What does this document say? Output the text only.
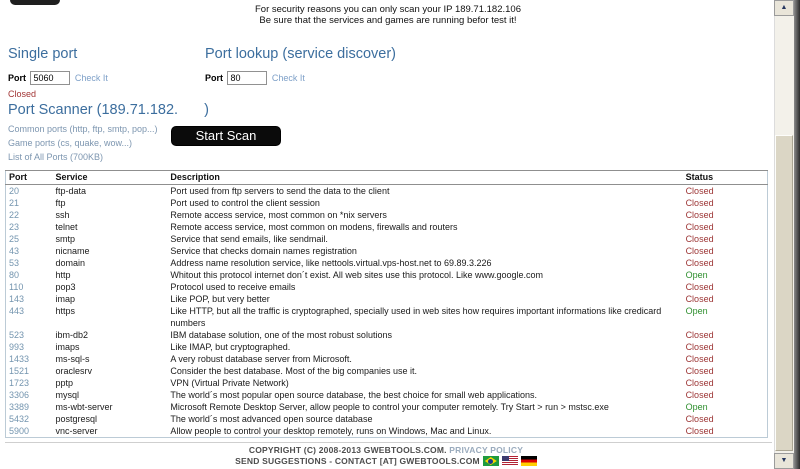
For security reasons you can only scan your IP 189.71.182.106
Be sure that the services and games are running befor test it!
Single port	Port lookup (service discover)
Port 5060	Check It	Port 80	Check It
Closed
Port Scanner (189.71.182. )
Common ports (http, ftp, smtp, pop...)
Game ports (cs, quake, wow...)
List of All Ports (700KB)
Start Scan
Port	Service	Description	Status
20	ftp-data	Port used from ftp servers to send the data to the client	Closed
21	ftp	Port used to control the client session	Closed
22	ssh	Remote access service, most common on *nix servers	Closed
23	telnet	Remote access service, most common on modens, firewalls and routers	Closed
25	smtp	Service that send emails, like sendmail.	Closed
43	nicname	Service that checks domain names registration	Closed
53	domain	Address name resolution service, like nettools.virtual.vps-host.net to 69.89.3.226	Closed
80	http	Whitout this protocol internet don´t exist. All web sites use this protocol. Like www.google.com	Open
110	pop3	Protocol used to receive emails	Closed
143	imap	Like POP, but very better	Closed
443	https	Like HTTP, but all the traffic is cryptographed, specially used in web sites how requires important informations like credicard numbers	Open
523	ibm-db2	IBM database solution, one of the most robust solutions	Closed
993	imaps	Like IMAP, but cryptographed.	Closed
1433	ms-sql-s	A very robust database server from Microsoft.	Closed
1521	oraclesrv	Consider the best database. Most of the big companies use it.	Closed
1723	pptp	VPN (Virtual Private Network)	Closed
3306	mysql	The world´s most popular open source database, the best choice for small web applications.	Closed
3389	ms-wbt-server	Microsoft Remote Desktop Server, allow people to control your computer remotely. Try Start > run > mstsc.exe	Open
5432	postgresql	The world´s most advanced open source database	Closed
5900	vnc-server	Allow people to control your desktop remotely, runs on Windows, Mac and Linux.	Closed
COPYRIGHT (C) 2008-2013 GWEBTOOLS.COM. PRIVACY POLICY
SEND SUGGESTIONS - CONTACT [AT] GWEBTOOLS.COM
▲
▼
